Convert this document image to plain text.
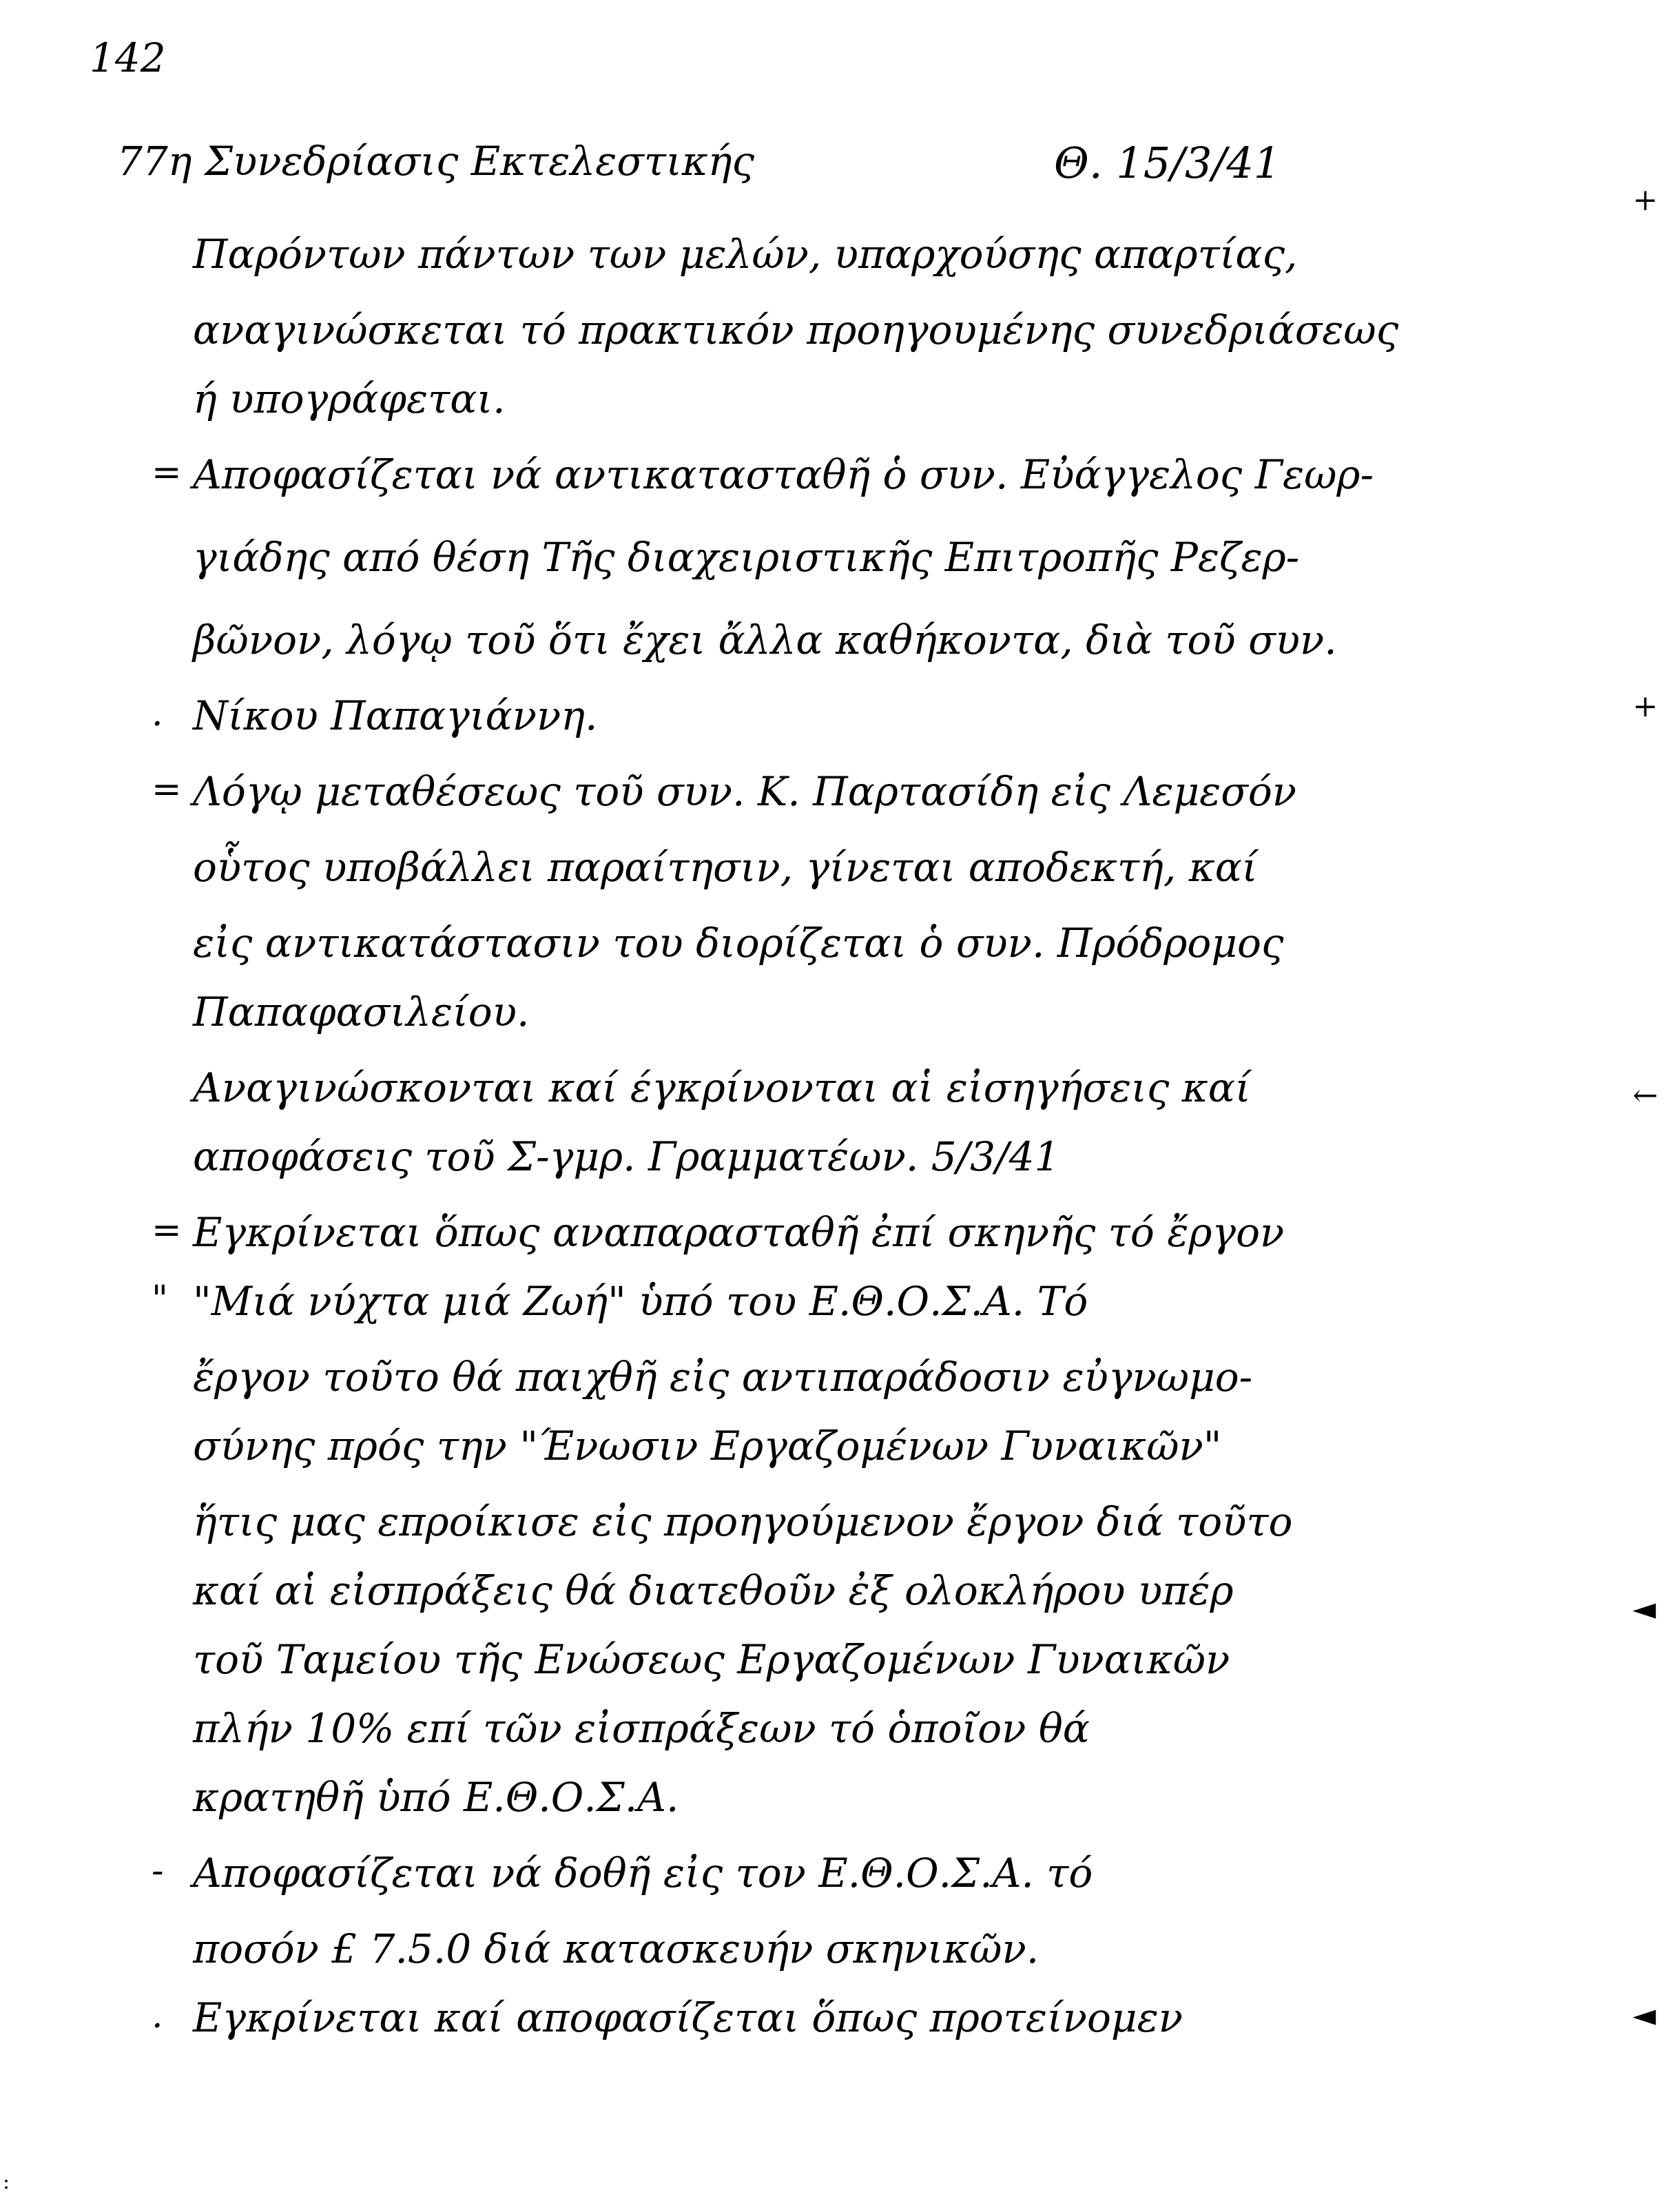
142
77η Συνεδρίασις Εκτελεστικής	Θ. 15/3/41
Παρόντων πάντων των μελών, υπαρχούσης απαρτίας,
αναγινώσκεται τό πρακτικόν προηγουμένης συνεδριάσεως
ή υπογράφεται.
= Αποφασίζεται νά αντικατασταθῆ ὁ συν. Εὐάγγελος Γεωρ-
γιάδης από θέση Τῆς διαχειριστικῆς Επιτροπῆς Ρεζερ-
βῶνον, λόγῳ τοῦ ὅτι ἔχει ἄλλα καθήκοντα, διὰ τοῦ συν.
. Νίκου Παπαγιάννη.
= Λόγῳ μεταθέσεως τοῦ συν. Κ. Παρτασίδη εἰς Λεμεσόν
οὗτος υποβάλλει παραίτησιν, γίνεται αποδεκτή, καί
εἰς αντικατάστασιν του διορίζεται ὁ συν. Πρόδρομος
Παπαφασιλείου.
Αναγινώσκονται καί έγκρίνονται αἱ εἰσηγήσεις καί
αποφάσεις τοῦ Σ-γμρ. Γραμματέων. 5/3/41
= Εγκρίνεται ὅπως αναπαρασταθῆ ἐπί σκηνῆς τό ἔργον
" "Μιά νύχτα μιά Ζωή" ὑπό του Ε.Θ.Ο.Σ.Α. Τό
ἔργον τοῦτο θά παιχθῆ εἰς αντιπαράδοσιν εὐγνωμο-
σύνης πρός την "Ένωσιν Εργαζομένων Γυναικῶν"
ἥτις μας επροίκισε εἰς προηγούμενον ἔργον διά τοῦτο
καί αἱ εἰσπράξεις θά διατεθοῦν ἐξ ολοκλήρου υπέρ
τοῦ Ταμείου τῆς Ενώσεως Εργαζομένων Γυναικῶν
πλήν 10% επί τῶν εἰσπράξεων τό ὁποῖον θά
κρατηθῆ ὑπό Ε.Θ.Ο.Σ.Α.
- Αποφασίζεται νά δοθῆ εἰς τον Ε.Θ.Ο.Σ.Α. τό
ποσόν £ 7.5.0 διά κατασκευήν σκηνικῶν.
. Εγκρίνεται καί αποφασίζεται ὅπως προτείνομεν
+
+
←
◄
◄
:
